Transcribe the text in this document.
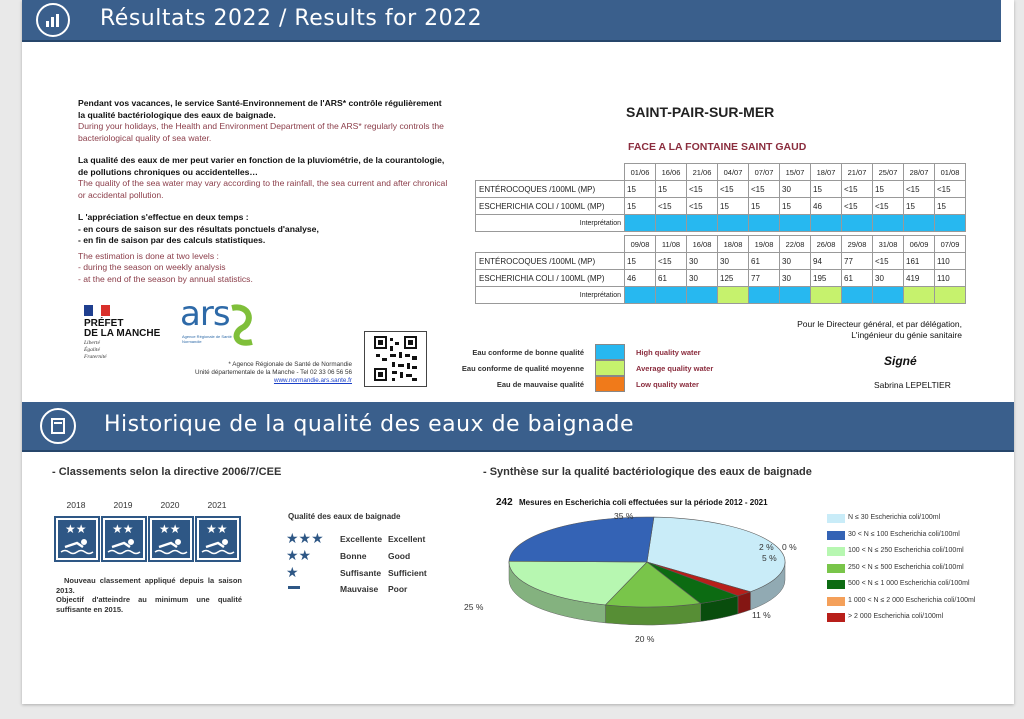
Résultats 2022 / Results for 2022
Pendant vos vacances, le service Santé-Environnement de l'ARS* contrôle régulièrement la qualité bactériologique des eaux de baignade.
During your holidays, the Health and Environment Department of the ARS* regularly controls the bacteriological quality of sea water.
La qualité des eaux de mer peut varier en fonction de la pluviométrie, de la courantologie, de pollutions chroniques ou accidentelles…
The quality of the sea water may vary according to the rainfall, the sea current and after chronical or accidental pollution.
L 'appréciation s'effectue en deux temps :
- en cours de saison sur des résultats ponctuels d'analyse,
- en fin de saison par des calculs statistiques.
The estimation is done at two levels :
- during the season on weekly analysis
- at the end of the season by annual statistics.
PRÉFET
DE LA MANCHE
Liberté
Égalité
Fraternité
ars
Agence Régionale de Santé
Normandie
* Agence Régionale de Santé de Normandie
Unité départementale de la Manche - Tel 02 33 06 56 56
www.normandie.ars.sante.fr
SAINT-PAIR-SUR-MER
FACE A LA FONTAINE SAINT GAUD
	01/06	16/06	21/06	04/07	07/07	15/07	18/07	21/07	25/07	28/07	01/08
ENTÉROCOQUES /100ML (MP)	15	15	<15	<15	<15	30	15	<15	15	<15	<15
ESCHERICHIA COLI / 100ML (MP)	15	<15	<15	15	15	15	46	<15	<15	15	15
Interprétation											
	09/08	11/08	16/08	18/08	19/08	22/08	26/08	29/08	31/08	06/09	07/09
ENTÉROCOQUES /100ML (MP)	15	<15	30	30	61	30	94	77	<15	161	110
ESCHERICHIA COLI / 100ML (MP)	46	61	30	125	77	30	195	61	30	419	110
Interprétation											
Eau conforme de bonne qualité	High quality water
Eau conforme de qualité moyenne	Average quality water
Eau de mauvaise qualité	Low quality water
Pour le Directeur général, et par délégation,
L'ingénieur du génie sanitaire
Signé
Sabrina LEPELTIER
Historique de la qualité des eaux de baignade
- Classements selon la directive 2006/7/CEE
2018	2019	2020	2021
★★ ★★ ★★ ★★
Nouveau classement appliqué depuis la saison 2013.
Objectif d'atteindre au minimum une qualité suffisante en 2015.
Qualité des eaux de baignade
★★★ Excellente Excellent
★★	Bonne	Good
★	Suffisante Sufficient
Mauvaise Poor
- Synthèse sur la qualité bactériologique des eaux de baignade
242 Mesures en Escherichia coli effectuées sur la période 2012 - 2021
35 %
25 %
20 %
11 %
5 %
0 %
2 %
N ≤ 30 Escherichia coli/100ml
30 < N ≤ 100 Escherichia coli/100ml
100 < N ≤ 250 Escherichia coli/100ml
250 < N ≤ 500 Escherichia coli/100ml
500 < N ≤ 1 000 Escherichia coli/100ml
1 000 < N ≤ 2 000 Escherichia coli/100ml
> 2 000 Escherichia coli/100ml
